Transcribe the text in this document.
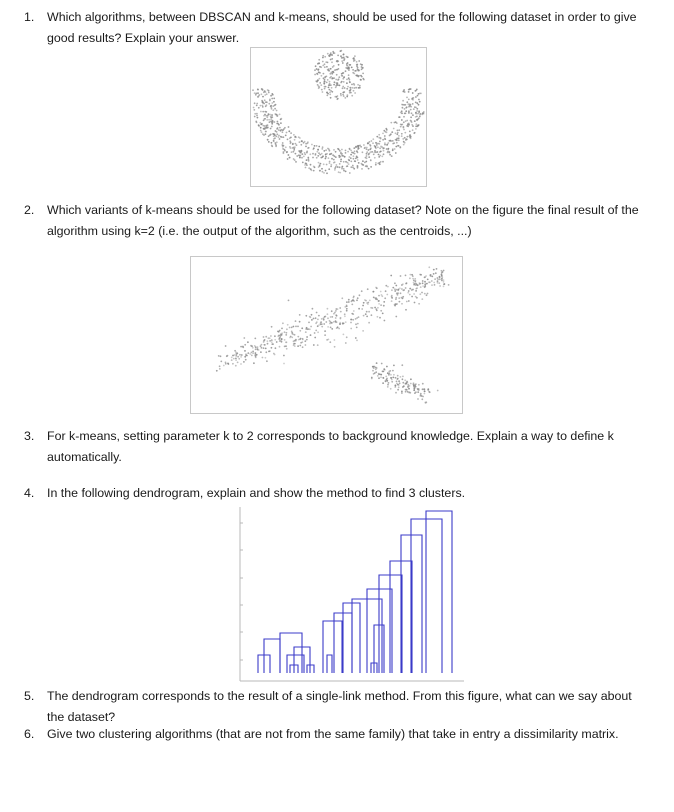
1.	Which algorithms, between DBSCAN and k-means, should be used for the following dataset in order to give good results? Explain your answer.
2.	Which variants of k-means should be used for the following dataset? Note on the figure the final result of the algorithm using k=2 (i.e. the output of the algorithm, such as the centroids, ...)
3.	For k-means, setting parameter k to 2 corresponds to background knowledge. Explain a way to define k automatically.
4.	In the following dendrogram, explain and show the method to find 3 clusters.
5.	The dendrogram corresponds to the result of a single-link method. From this figure, what can we say about the dataset?
6.	Give two clustering algorithms (that are not from the same family) that take in entry a dissimilarity matrix.
